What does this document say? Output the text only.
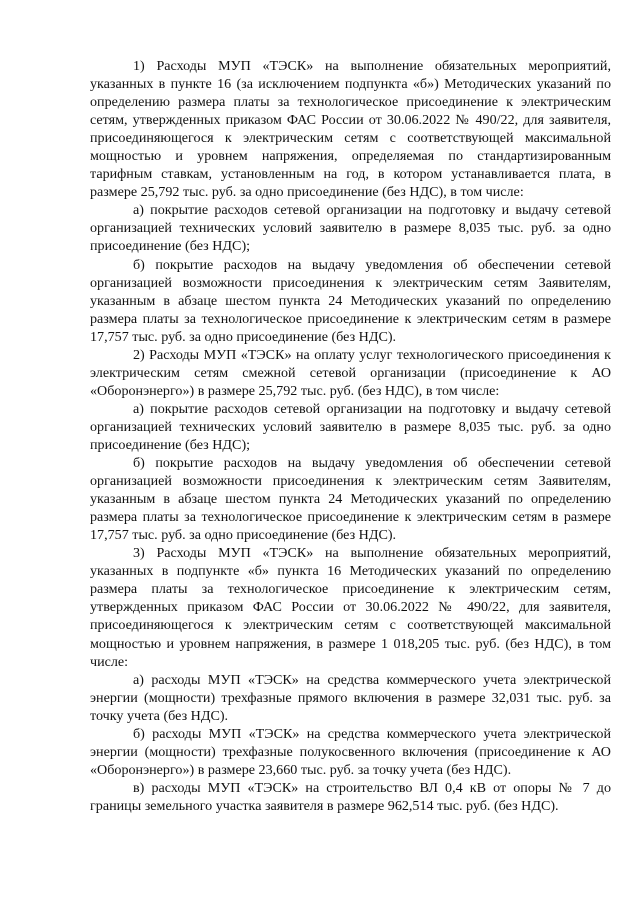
1) Расходы МУП «ТЭСК» на выполнение обязательных мероприятий, указанных в пункте 16 (за исключением подпункта «б») Методических указаний по определению размера платы за технологическое присоединение к электрическим сетям, утвержденных приказом ФАС России от 30.06.2022 № 490/22, для заявителя, присоединяющегося к электрическим сетям с соответствующей максимальной мощностью и уровнем напряжения, определяемая по стандартизированным тарифным ставкам, установленным на год, в котором устанавливается плата, в размере 25,792 тыс. руб. за одно присоединение (без НДС), в том числе:

а) покрытие расходов сетевой организации на подготовку и выдачу сетевой организацией технических условий заявителю в размере 8,035 тыс. руб. за одно присоединение (без НДС);

б) покрытие расходов на выдачу уведомления об обеспечении сетевой организацией возможности присоединения к электрическим сетям Заявителям, указанным в абзаце шестом пункта 24 Методических указаний по определению размера платы за технологическое присоединение к электрическим сетям в размере 17,757 тыс. руб. за одно присоединение (без НДС).

2) Расходы МУП «ТЭСК» на оплату услуг технологического присоединения к электрическим сетям смежной сетевой организации (присоединение к АО «Оборонэнерго») в размере 25,792 тыс. руб. (без НДС), в том числе:

а) покрытие расходов сетевой организации на подготовку и выдачу сетевой организацией технических условий заявителю в размере 8,035 тыс. руб. за одно присоединение (без НДС);

б) покрытие расходов на выдачу уведомления об обеспечении сетевой организацией возможности присоединения к электрическим сетям Заявителям, указанным в абзаце шестом пункта 24 Методических указаний по определению размера платы за технологическое присоединение к электрическим сетям в размере 17,757 тыс. руб. за одно присоединение (без НДС).

3) Расходы МУП «ТЭСК» на выполнение обязательных мероприятий, указанных в подпункте «б» пункта 16 Методических указаний по определению размера платы за технологическое присоединение к электрическим сетям, утвержденных приказом ФАС России от 30.06.2022 № 490/22, для заявителя, присоединяющегося к электрическим сетям с соответствующей максимальной мощностью и уровнем напряжения, в размере 1 018,205 тыс. руб. (без НДС), в том числе:

а) расходы МУП «ТЭСК» на средства коммерческого учета электрической энергии (мощности) трехфазные прямого включения в размере 32,031 тыс. руб. за точку учета (без НДС).

б) расходы МУП «ТЭСК» на средства коммерческого учета электрической энергии (мощности) трехфазные полукосвенного включения (присоединение к АО «Оборонэнерго») в размере 23,660 тыс. руб. за точку учета (без НДС).

в) расходы МУП «ТЭСК» на строительство ВЛ 0,4 кВ от опоры № 7 до границы земельного участка заявителя в размере 962,514 тыс. руб. (без НДС).
